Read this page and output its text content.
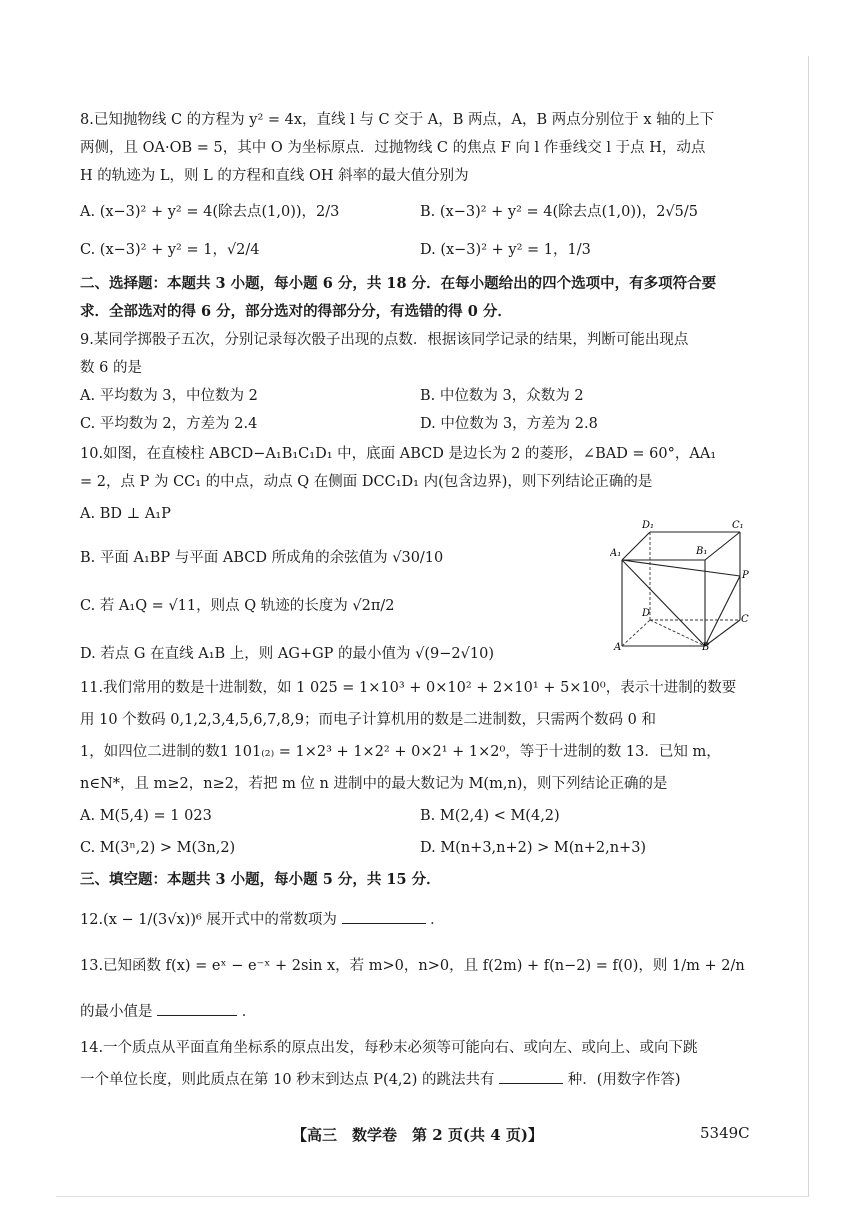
8.已知抛物线 C 的方程为 y² = 4x，直线 l 与 C 交于 A，B 两点，A，B 两点分别位于 x 轴的上下
两侧，且 OA·OB = 5，其中 O 为坐标原点．过抛物线 C 的焦点 F 向 l 作垂线交 l 于点 H，动点
H 的轨迹为 L，则 L 的方程和直线 OH 斜率的最大值分别为
A. (x−3)² + y² = 4(除去点(1,0))，2/3	B. (x−3)² + y² = 4(除去点(1,0))，2√5/5
C. (x−3)² + y² = 1，√2/4	D. (x−3)² + y² = 1，1/3
二、选择题：本题共 3 小题，每小题 6 分，共 18 分．在每小题给出的四个选项中，有多项符合要
求．全部选对的得 6 分，部分选对的得部分分，有选错的得 0 分．
9.某同学掷骰子五次，分别记录每次骰子出现的点数．根据该同学记录的结果，判断可能出现点
数 6 的是
A. 平均数为 3，中位数为 2	B. 中位数为 3，众数为 2
C. 平均数为 2，方差为 2.4	D. 中位数为 3，方差为 2.8
10.如图，在直棱柱 ABCD−A₁B₁C₁D₁ 中，底面 ABCD 是边长为 2 的菱形，∠BAD = 60°，AA₁
= 2，点 P 为 CC₁ 的中点，动点 Q 在侧面 DCC₁D₁ 内(包含边界)，则下列结论正确的是
A. BD ⊥ A₁P
B. 平面 A₁BP 与平面 ABCD 所成角的余弦值为 √30/10
C. 若 A₁Q = √11，则点 Q 轨迹的长度为 √2π/2
D. 若点 G 在直线 A₁B 上，则 AG+GP 的最小值为 √(9−2√10)
11.我们常用的数是十进制数，如 1 025 = 1×10³ + 0×10² + 2×10¹ + 5×10⁰，表示十进制的数要
用 10 个数码 0,1,2,3,4,5,6,7,8,9；而电子计算机用的数是二进制数，只需两个数码 0 和
1，如四位二进制的数1 101₍₂₎ = 1×2³ + 1×2² + 0×2¹ + 1×2⁰，等于十进制的数 13．已知 m，
n∈N*，且 m≥2，n≥2，若把 m 位 n 进制中的最大数记为 M(m,n)，则下列结论正确的是
A. M(5,4) = 1 023	B. M(2,4) < M(4,2)
C. M(3ⁿ,2) > M(3n,2)	D. M(n+3,n+2) > M(n+2,n+3)
三、填空题：本题共 3 小题，每小题 5 分，共 15 分．
12.(x − 1/(3√x))⁶ 展开式中的常数项为	．
13.已知函数 f(x) = eˣ − e⁻ˣ + 2sin x，若 m>0，n>0，且 f(2m) + f(n−2) = f(0)，则 1/m + 2/n
的最小值是	．
14.一个质点从平面直角坐标系的原点出发，每秒末必须等可能向右、或向左、或向上、或向下跳
一个单位长度，则此质点在第 10 秒末到达点 P(4,2) 的跳法共有	种．(用数字作答)
D₁	C₁
A₁	B₁
P
D
C
A	B
【高三　数学卷　第 2 页(共 4 页)】	5349C
